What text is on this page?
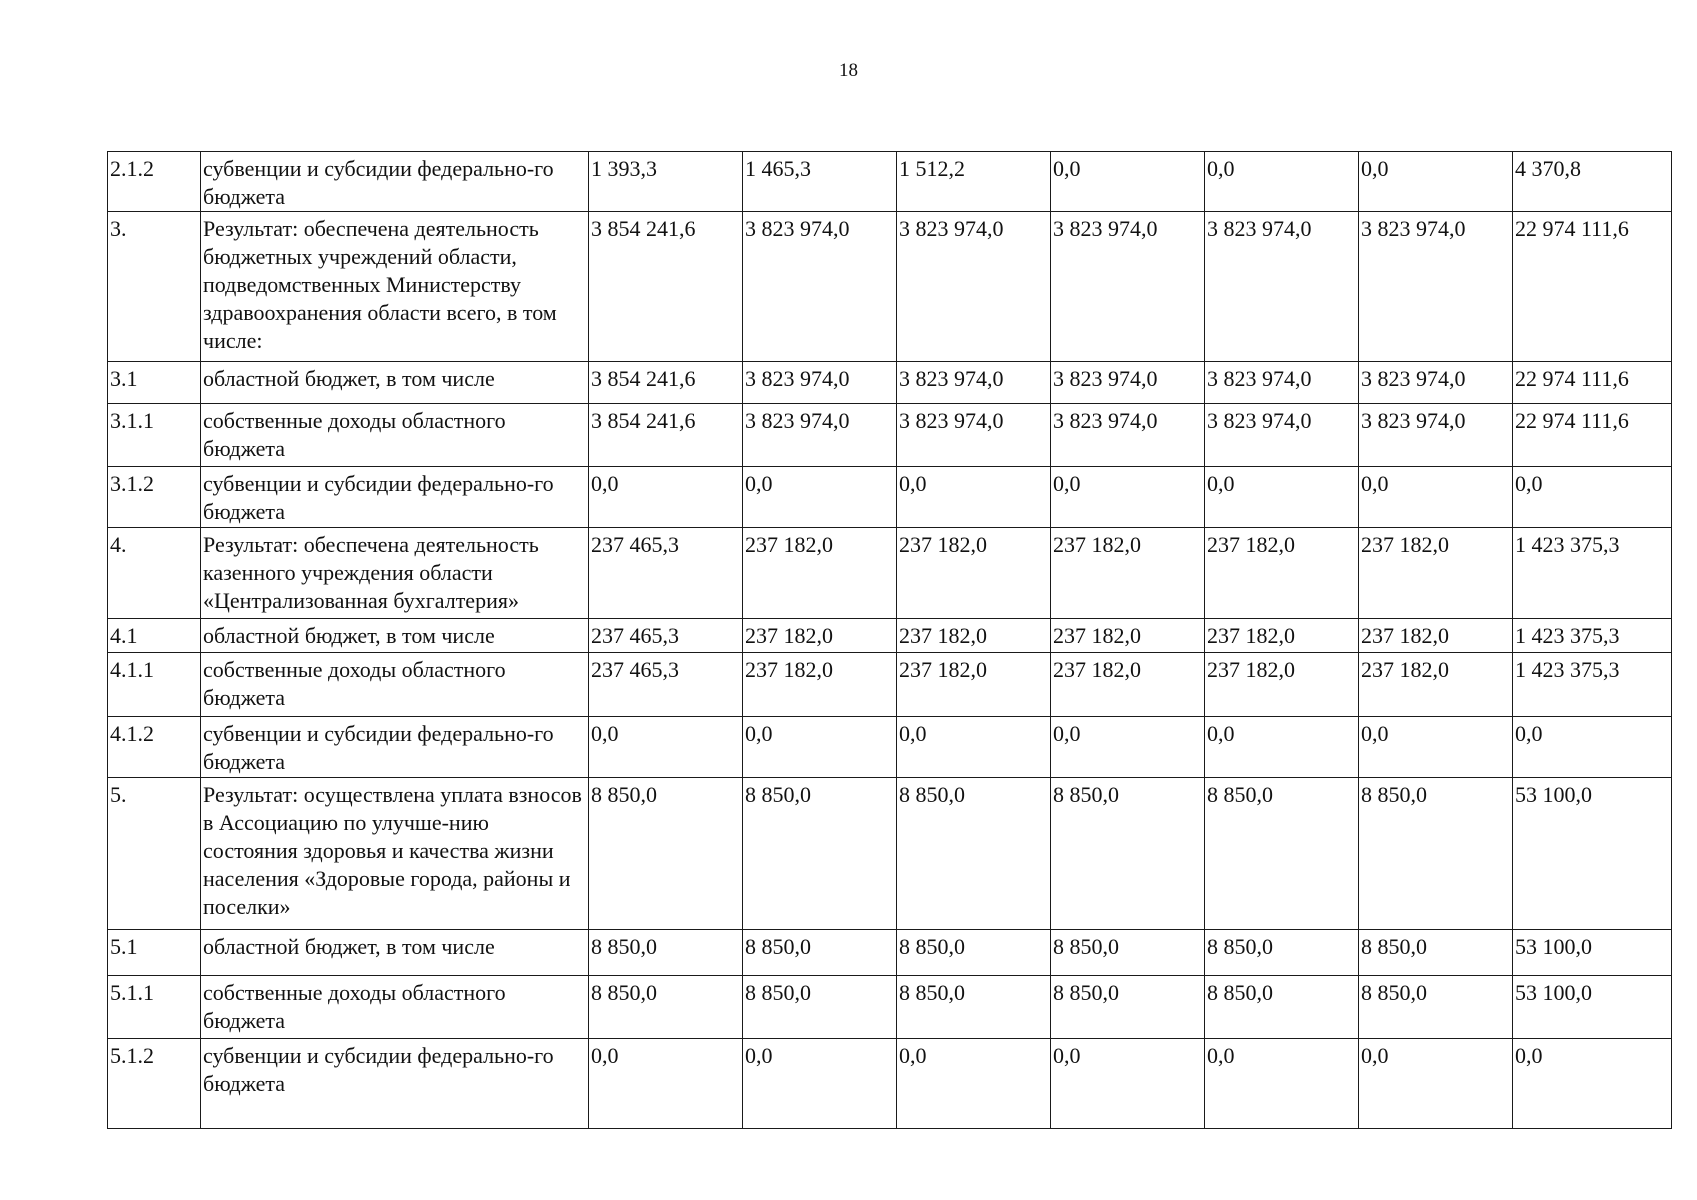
18
2.1.2	субвенции и субсидии федерально-го бюджета	1 393,3	1 465,3	1 512,2	0,0	0,0	0,0	4 370,8
3.	Результат: обеспечена деятельность бюджетных учреждений области, подведомственных Министерству здравоохранения области всего, в том числе:	3 854 241,6	3 823 974,0	3 823 974,0	3 823 974,0	3 823 974,0	3 823 974,0	22 974 111,6
3.1	областной бюджет, в том числе	3 854 241,6	3 823 974,0	3 823 974,0	3 823 974,0	3 823 974,0	3 823 974,0	22 974 111,6
3.1.1	собственные доходы областного бюджета	3 854 241,6	3 823 974,0	3 823 974,0	3 823 974,0	3 823 974,0	3 823 974,0	22 974 111,6
3.1.2	субвенции и субсидии федерально-го бюджета	0,0	0,0	0,0	0,0	0,0	0,0	0,0
4.	Результат: обеспечена деятельность казенного учреждения области «Централизованная бухгалтерия»	237 465,3	237 182,0	237 182,0	237 182,0	237 182,0	237 182,0	1 423 375,3
4.1	областной бюджет, в том числе	237 465,3	237 182,0	237 182,0	237 182,0	237 182,0	237 182,0	1 423 375,3
4.1.1	собственные доходы областного бюджета	237 465,3	237 182,0	237 182,0	237 182,0	237 182,0	237 182,0	1 423 375,3
4.1.2	субвенции и субсидии федерально-го бюджета	0,0	0,0	0,0	0,0	0,0	0,0	0,0
5.	Результат: осуществлена уплата взносов в Ассоциацию по улучше-нию состояния здоровья и качества жизни населения «Здоровые города, районы и поселки»	8 850,0	8 850,0	8 850,0	8 850,0	8 850,0	8 850,0	53 100,0
5.1	областной бюджет, в том числе	8 850,0	8 850,0	8 850,0	8 850,0	8 850,0	8 850,0	53 100,0
5.1.1	собственные доходы областного бюджета	8 850,0	8 850,0	8 850,0	8 850,0	8 850,0	8 850,0	53 100,0
5.1.2	субвенции и субсидии федерально-го бюджета	0,0	0,0	0,0	0,0	0,0	0,0	0,0
